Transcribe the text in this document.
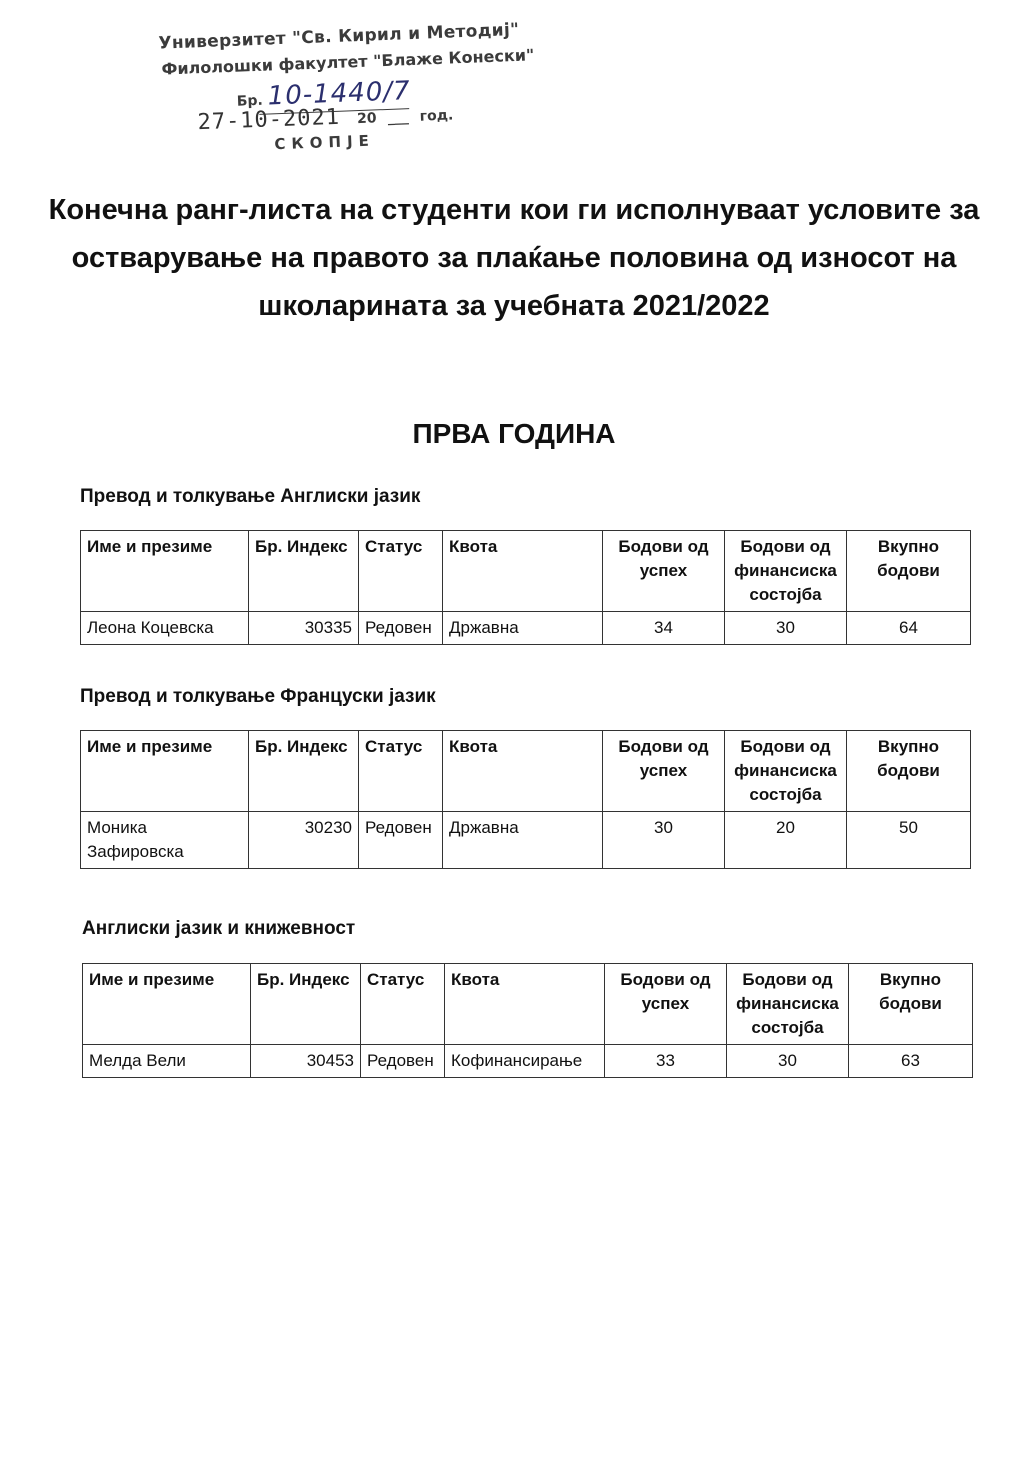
Универзитет "Св. Кирил и Методиј"
Филолошки факултет "Блаже Конески"
Бр. 10-1440/7
27-10-2021 20 ___ год.
СКОПЈЕ
Конечна ранг-листа на студенти кои ги исполнуваат условите за
остварување на правото за плаќање половина од износот на
школарината за учебната 2021/2022
ПРВА ГОДИНА
Превод и толкување Англиски јазик
Име и презиме	Бр. Индекс	Статус	Квота	Бодови од успех	Бодови од финансиска состојба	Вкупно бодови
Леона Коцевска	30335	Редовен	Државна	34	30	64
Превод и толкување Француски јазик
Име и презиме	Бр. Индекс	Статус	Квота	Бодови од успех	Бодови од финансиска состојба	Вкупно бодови
Моника Зафировска	30230	Редовен	Државна	30	20	50
Англиски јазик и книжевност
Име и презиме	Бр. Индекс	Статус	Квота	Бодови од успех	Бодови од финансиска состојба	Вкупно бодови
Мелда Вели	30453	Редовен	Кофинансирање	33	30	63
